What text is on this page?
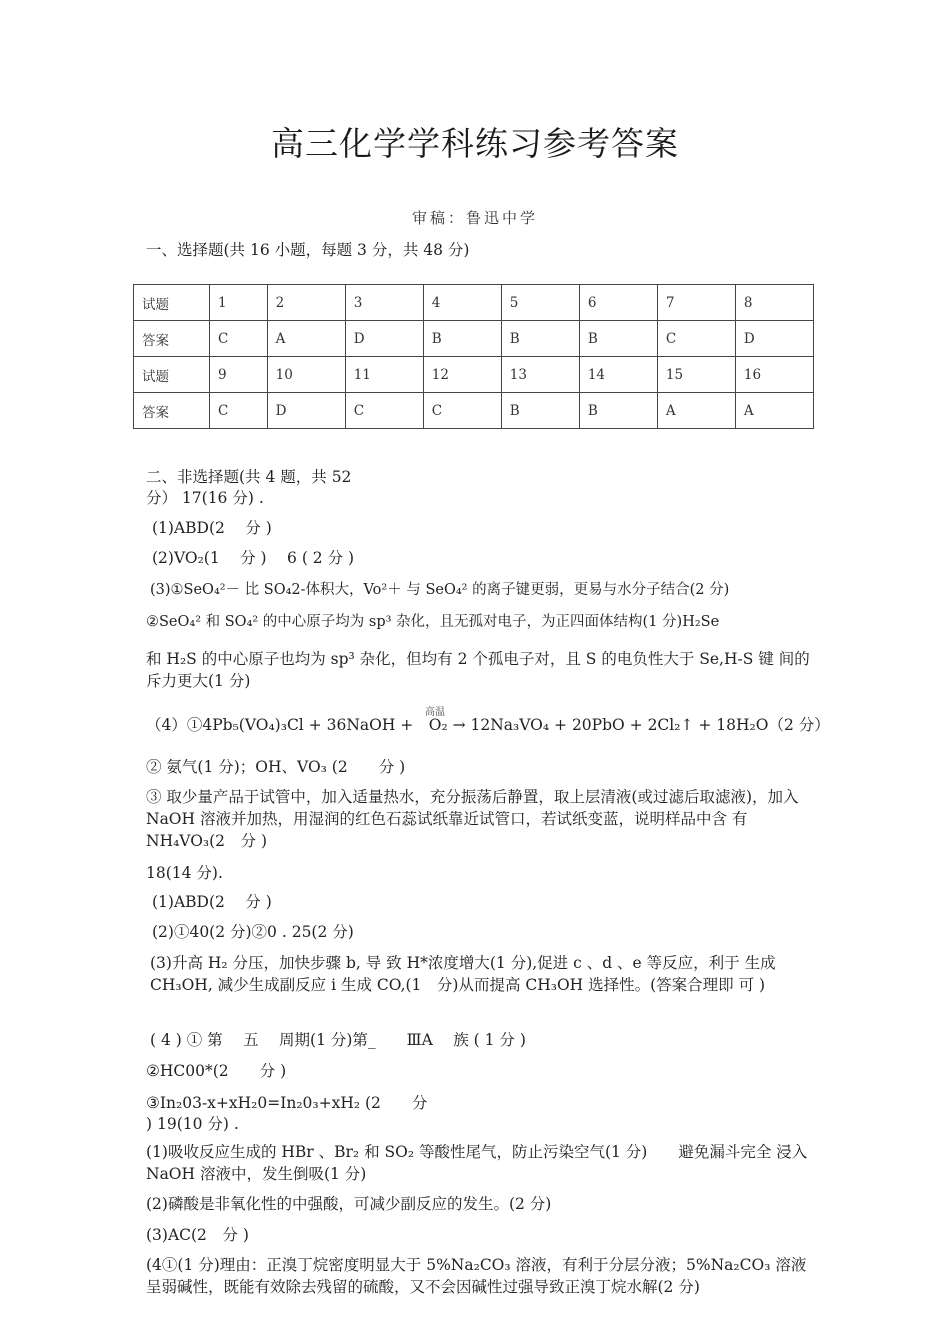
高三化学学科练习参考答案
审稿：鲁迅中学
一、选择题(共 16 小题，每题 3 分，共 48 分)
试题	1	2	3	4	5	6	7	8
答案	C	A	D	B	B	B	C	D
试题	9	10	11	12	13	14	15	16
答案	C	D	C	C	B	B	A	A
二、非选择题(共 4 题，共 52
分） 17(16 分) .
(1)ABD(2　 分 )
(2)VO₂(1　 分 )　 6 ( 2 分 )
(3)①SeO₄²－ 比 SO₄2-体积大，Vo²＋ 与 SeO₄² 的离子键更弱，更易与水分子结合(2 分)
②SeO₄² 和 SO₄² 的中心原子均为 sp³ 杂化，且无孤对电子，为正四面体结构(1 分)H₂Se
和 H₂S 的中心原子也均为 sp³ 杂化，但均有 2 个孤电子对，且 S 的电负性大于 Se,H-S 键 间的斥力更大(1 分)
高温
（4）①4Pb₅(VO₄)₃Cl + 36NaOH +　O₂ → 12Na₃VO₄ + 20PbO + 2Cl₂↑ + 18H₂O（2 分）
② 氨气(1 分)；OH、VO₃ (2　　分 )
③ 取少量产品于试管中，加入适量热水，充分振荡后静置，取上层清液(或过滤后取滤液)，加入 NaOH 溶液并加热，用湿润的红色石蕊试纸靠近试管口，若试纸变蓝，说明样品中含 有 NH₄VO₃(2　分 )
18(14 分).
(1)ABD(2　 分 )
(2)①40(2 分)②0 . 25(2 分)
(3)升高 H₂ 分压，加快步骤 b, 导 致 H*浓度增大(1 分),促进 c 、d 、e 等反应，利于 生成 CH₃OH, 减少生成副反应 i 生成 CO,(1　分)从而提高 CH₃OH 选择性。(答案合理即 可 )
( 4 ) ① 第　 五　 周期(1 分)第_　　ⅢA　 族 ( 1 分 )
②HC00*(2　　分 )
③In₂03-x+xH₂0=In₂0₃+xH₂ (2　　分
) 19(10 分) .
(1)吸收反应生成的 HBr 、Br₂ 和 SO₂ 等酸性尾气，防止污染空气(1 分)　　避免漏斗完全 浸入 NaOH 溶液中，发生倒吸(1 分)
(2)磷酸是非氧化性的中强酸，可减少副反应的发生。(2 分)
(3)AC(2　分 )
(4①(1 分)理由：正溴丁烷密度明显大于 5%Na₂CO₃ 溶液，有利于分层分液；5%Na₂CO₃ 溶液呈弱碱性，既能有效除去残留的硫酸，又不会因碱性过强导致正溴丁烷水解(2 分)
